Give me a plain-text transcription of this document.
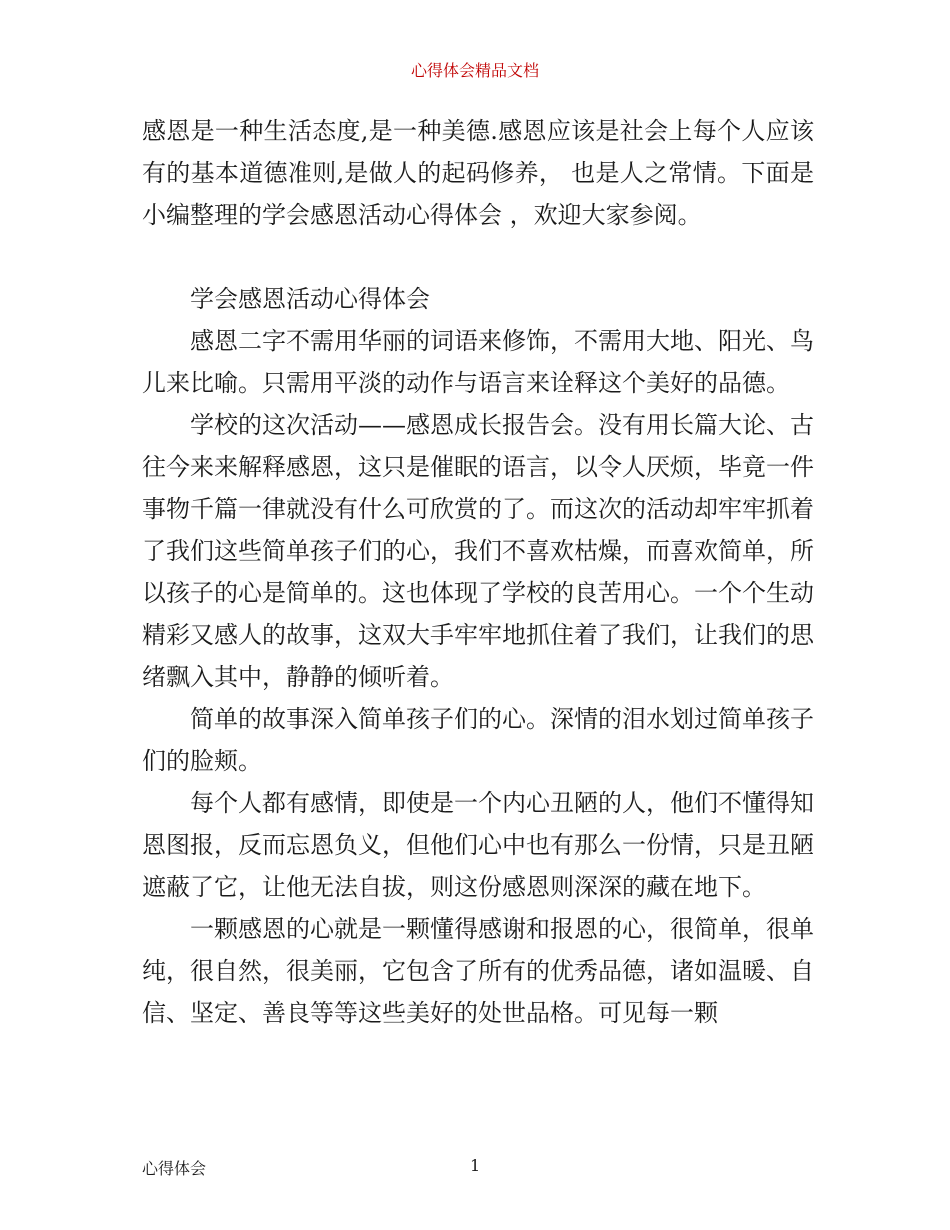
心得体会精品文档

感恩是一种生活态度,是一种美德.感恩应该是社会上每个人应该有的基本道德准则,是做人的起码修养， 也是人之常情。下面是小编整理的学会感恩活动心得体会 ，欢迎大家参阅。

学会感恩活动心得体会

感恩二字不需用华丽的词语来修饰，不需用大地、阳光、鸟儿来比喻。只需用平淡的动作与语言来诠释这个美好的品德。

学校的这次活动——感恩成长报告会。没有用长篇大论、古往今来来解释感恩，这只是催眠的语言，以令人厌烦，毕竟一件事物千篇一律就没有什么可欣赏的了。而这次的活动却牢牢抓着了我们这些简单孩子们的心，我们不喜欢枯燥，而喜欢简单，所以孩子的心是简单的。这也体现了学校的良苦用心。一个个生动精彩又感人的故事，这双大手牢牢地抓住着了我们，让我们的思绪飘入其中，静静的倾听着。

简单的故事深入简单孩子们的心。深情的泪水划过简单孩子们的脸颊。

每个人都有感情，即使是一个内心丑陋的人，他们不懂得知恩图报，反而忘恩负义，但他们心中也有那么一份情，只是丑陋遮蔽了它，让他无法自拔，则这份感恩则深深的藏在地下。

一颗感恩的心就是一颗懂得感谢和报恩的心，很简单，很单纯，很自然，很美丽，它包含了所有的优秀品德，诸如温暖、自信、坚定、善良等等这些美好的处世品格。可见每一颗

心得体会	1
